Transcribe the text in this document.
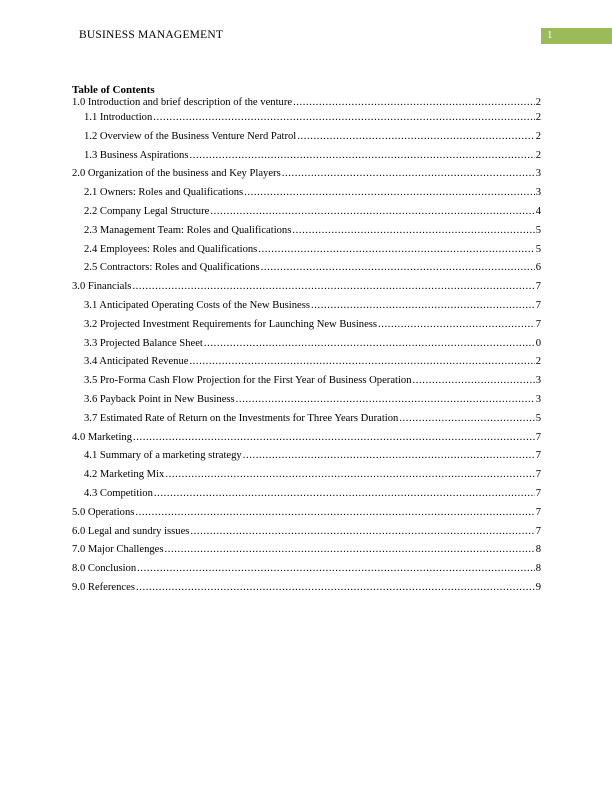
BUSINESS MANAGEMENT	1
Table of Contents
1.0 Introduction and brief description of the venture .....	2
1.1 Introduction .....	2
1.2 Overview of the Business Venture Nerd Patrol .....	2
1.3 Business Aspirations .....	2
2.0 Organization of the business and Key Players .....	3
2.1 Owners: Roles and Qualifications .....	3
2.2 Company Legal Structure .....	4
2.3 Management Team: Roles and Qualifications .....	5
2.4 Employees: Roles and Qualifications .....	5
2.5 Contractors: Roles and Qualifications .....	6
3.0 Financials .....	7
3.1 Anticipated Operating Costs of the New Business .....	7
3.2 Projected Investment Requirements for Launching New Business .....	7
3.3 Projected Balance Sheet .....	0
3.4 Anticipated Revenue .....	2
3.5 Pro-Forma Cash Flow Projection for the First Year of Business Operation .....	3
3.6 Payback Point in New Business .....	3
3.7 Estimated Rate of Return on the Investments for Three Years Duration .....	5
4.0 Marketing .....	7
4.1 Summary of a marketing strategy .....	7
4.2 Marketing Mix .....	7
4.3 Competition .....	7
5.0 Operations .....	7
6.0 Legal and sundry issues .....	7
7.0 Major Challenges .....	8
8.0 Conclusion .....	8
9.0 References .....	9
